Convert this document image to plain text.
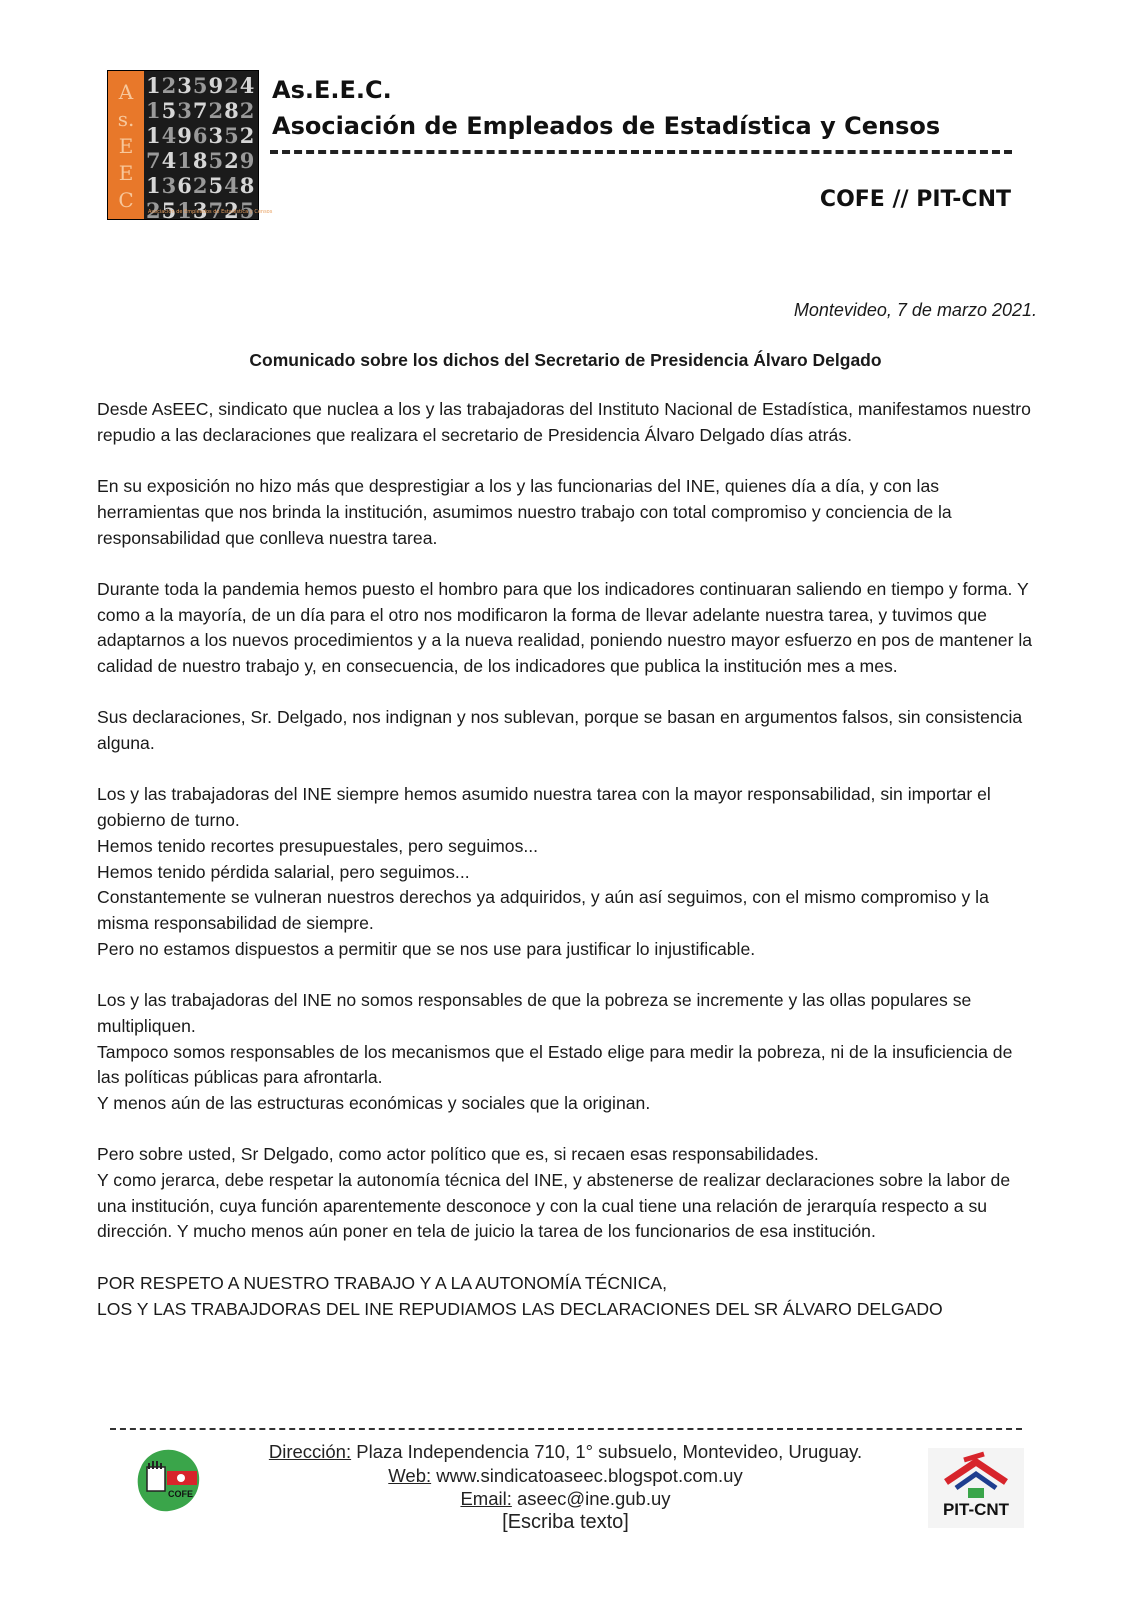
A
s.
E
E
C
123592415372821496352741852913625482513725
Asociación de Empleados de Estadística y Censos
As.E.E.C.
Asociación de Empleados de Estadística y Censos
COFE // PIT-CNT
Montevideo, 7 de marzo 2021.
Comunicado sobre los dichos del Secretario de Presidencia Álvaro Delgado

Desde AsEEC, sindicato que nuclea a los y las trabajadoras del Instituto Nacional de Estadística, manifestamos nuestro repudio a las declaraciones que realizara el secretario de Presidencia Álvaro Delgado días atrás.

En su exposición no hizo más que desprestigiar a los y las funcionarias del INE, quienes día a día, y con las herramientas que nos brinda la institución, asumimos nuestro trabajo con total compromiso y conciencia de la responsabilidad que conlleva nuestra tarea.

Durante toda la pandemia hemos puesto el hombro para que los indicadores continuaran saliendo en tiempo y forma. Y como a la mayoría, de un día para el otro nos modificaron la forma de llevar adelante nuestra tarea, y tuvimos que adaptarnos a los nuevos procedimientos y a la nueva realidad, poniendo nuestro mayor esfuerzo en pos de mantener la calidad de nuestro trabajo y, en consecuencia, de los indicadores que publica la institución mes a mes.

Sus declaraciones, Sr. Delgado, nos indignan y nos sublevan, porque se basan en argumentos falsos, sin consistencia alguna.

Los y las trabajadoras del INE siempre hemos asumido nuestra tarea con la mayor responsabilidad, sin importar el gobierno de turno.
Hemos tenido recortes presupuestales, pero seguimos...
Hemos tenido pérdida salarial, pero seguimos...
Constantemente se vulneran nuestros derechos ya adquiridos, y aún así seguimos, con el mismo compromiso y la misma responsabilidad de siempre.
Pero no estamos dispuestos a permitir que se nos use para justificar lo injustificable.

Los y las trabajadoras del INE no somos responsables de que la pobreza se incremente y las ollas populares se multipliquen.
Tampoco somos responsables de los mecanismos que el Estado elige para medir la pobreza, ni de la insuficiencia de las políticas públicas para afrontarla.
Y menos aún de las estructuras económicas y sociales que la originan.

Pero sobre usted, Sr Delgado, como actor político que es, si recaen esas responsabilidades.
Y como jerarca, debe respetar la autonomía técnica del INE, y abstenerse de realizar declaraciones sobre la labor de una institución, cuya función aparentemente desconoce y con la cual tiene una relación de jerarquía respecto a su dirección. Y mucho menos aún poner en tela de juicio la tarea de los funcionarios de esa institución.

POR RESPETO A NUESTRO TRABAJO Y A LA AUTONOMÍA TÉCNICA,
LOS Y LAS TRABAJDORAS DEL INE REPUDIAMOS LAS DECLARACIONES DEL SR ÁLVARO DELGADO

COFE
Dirección: Plaza Independencia 710, 1° subsuelo, Montevideo, Uruguay.
Web: www.sindicatoaseec.blogspot.com.uy
Email: aseec@ine.gub.uy
[Escriba texto]
PIT-CNT
